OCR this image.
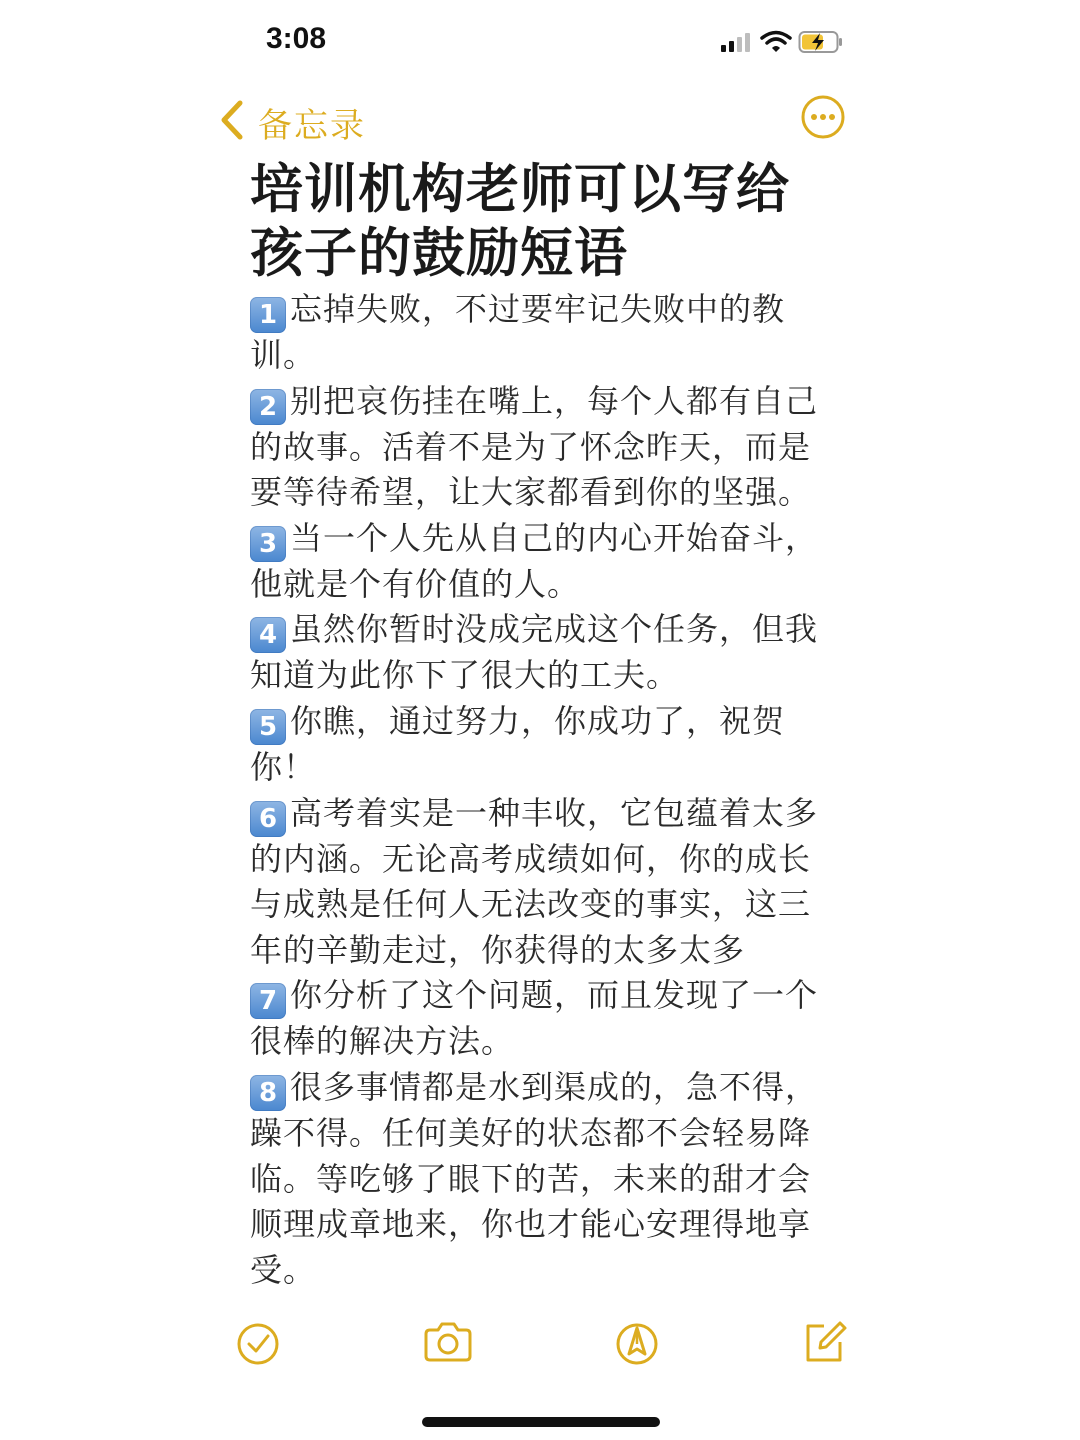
3:08
备忘录
培训机构老师可以写给孩子的鼓励短语
1 忘掉失败，不过要牢记失败中的教训。
2 别把哀伤挂在嘴上，每个人都有自己的故事。活着不是为了怀念昨天，而是要等待希望，让大家都看到你的坚强。
3 当一个人先从自己的内心开始奋斗，他就是个有价值的人。
4 虽然你暂时没成完成这个任务，但我知道为此你下了很大的工夫。
5 你瞧，通过努力，你成功了，祝贺你！
6 高考着实是一种丰收，它包蕴着太多的内涵。无论高考成绩如何，你的成长与成熟是任何人无法改变的事实，这三年的辛勤走过，你获得的太多太多
7 你分析了这个问题，而且发现了一个很棒的解决方法。
8 很多事情都是水到渠成的，急不得，躁不得。任何美好的状态都不会轻易降临。等吃够了眼下的苦，未来的甜才会顺理成章地来，你也才能心安理得地享受。
